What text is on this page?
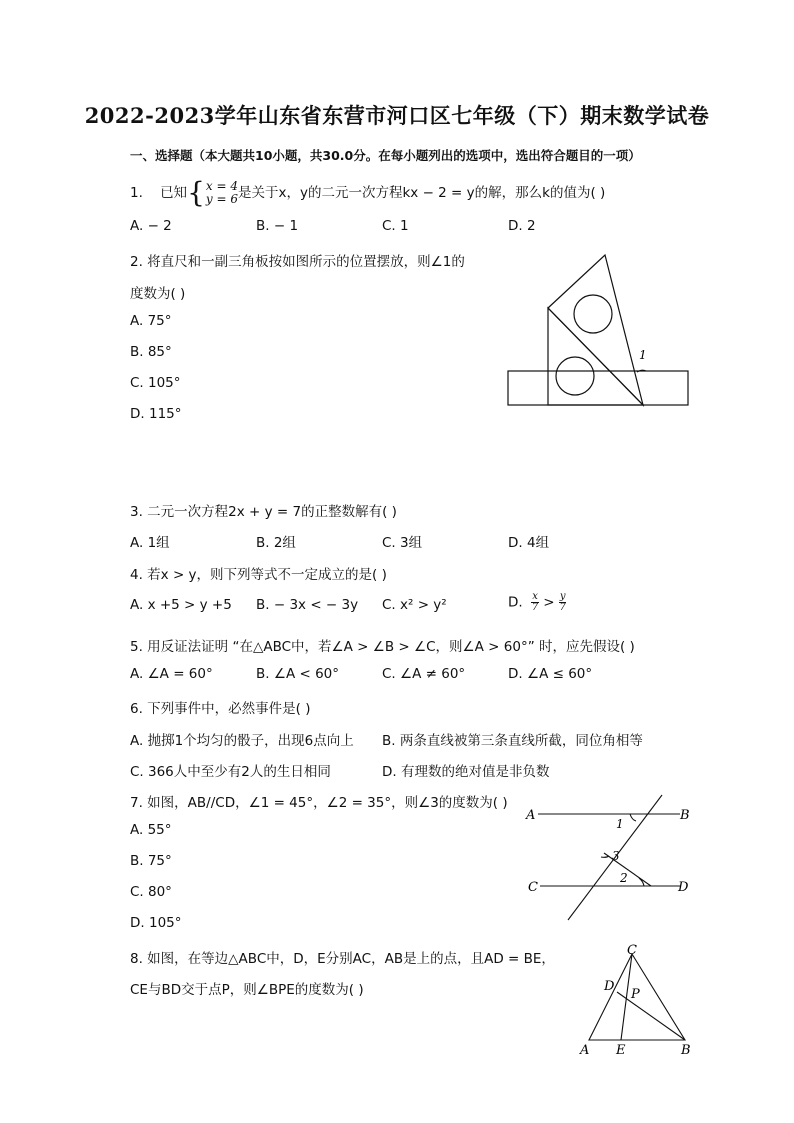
2022-2023学年山东省东营市河口区七年级（下）期末数学试卷
一、选择题（本大题共10小题，共30.0分。在每小题列出的选项中，选出符合题目的一项）
1. 已知 { x = 4
y = 6 是关于x，y的二元一次方程kx − 2 = y的解，那么k的值为( )
A. − 2	B. − 1	C. 1	D. 2
2. 将直尺和一副三角板按如图所示的位置摆放，则∠1的
度数为( )
A. 75°
B. 85°
C. 105°
D. 115°
1
3. 二元一次方程2x + y = 7的正整数解有( )
A. 1组	B. 2组	C. 3组	D. 4组
4. 若x > y，则下列等式不一定成立的是( )
A. x +5 > y +5 B. − 3x < − 3y C. x² > y²	D. $\frac{x}{7} > \frac{y}{7}$
5. 用反证法证明 “在△ABC中，若∠A > ∠B > ∠C，则∠A > 60°” 时，应先假设( )
A. ∠A = 60°	B. ∠A < 60°	C. ∠A ≠ 60°	D. ∠A ≤ 60°
6. 下列事件中，必然事件是( )
A. 抛掷1个均匀的骰子，出现6点向上 B. 两条直线被第三条直线所截，同位角相等
C. 366人中至少有2人的生日相同	D. 有理数的绝对值是非负数
7. 如图，AB//CD，∠1 = 45°，∠2 = 35°，则∠3的度数为( )
A. 55°
B. 75°
C. 80°
D. 105°
A	B
C	D
1
3
2
8. 如图，在等边△ABC中，D，E分别AC，AB是上的点，且AD = BE，
CE与BD交于点P，则∠BPE的度数为( )
A E	B
C
D
P
